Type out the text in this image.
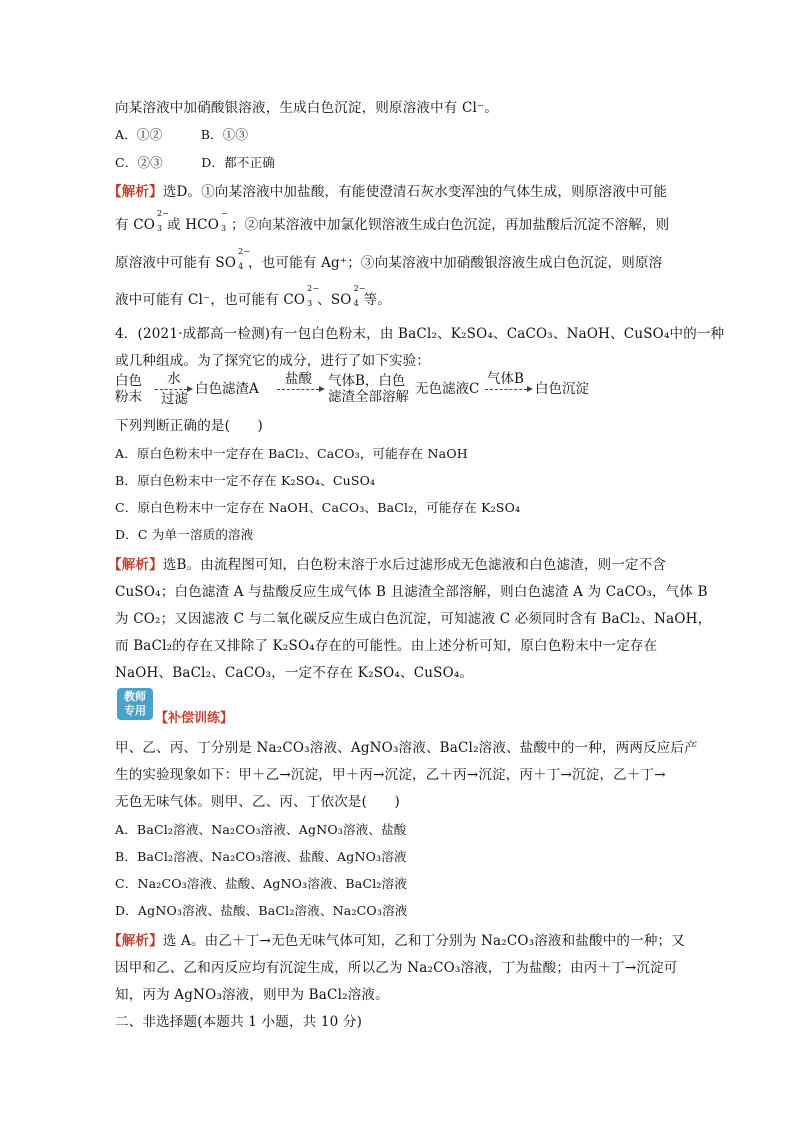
向某溶液中加硝酸银溶液，生成白色沉淀，则原溶液中有 Cl⁻。
A．①②	B．①③
C．②③	D．都不正确
【解析】选D。①向某溶液中加盐酸，有能使澄清石灰水变浑浊的气体生成，则原溶液中可能
有 CO
2−
3 或 HCO
−
3 ；②向某溶液中加氯化钡溶液生成白色沉淀，再加盐酸后沉淀不溶解，则
原溶液中可能有 SO
2−
4 ，也可能有 Ag⁺；③向某溶液中加硝酸银溶液生成白色沉淀，则原溶
液中可能有 Cl⁻，也可能有 CO
2−
3 、SO
2−
4 等。
4．(2021·成都高一检测)有一包白色粉末，由 BaCl₂、K₂SO₄、CaCO₃、NaOH、CuSO₄中的一种
或几种组成。为了探究它的成分，进行了如下实验：
白色
粉末
水
过滤
白色滤渣A
盐酸 气体B，白色
滤渣全部溶解 无色滤液C
气体B
白色沉淀
下列判断正确的是(　　)
A．原白色粉末中一定存在 BaCl₂、CaCO₃，可能存在 NaOH
B．原白色粉末中一定不存在 K₂SO₄、CuSO₄
C．原白色粉末中一定存在 NaOH、CaCO₃、BaCl₂，可能存在 K₂SO₄
D．C 为单一溶质的溶液
【解析】选B。由流程图可知，白色粉末溶于水后过滤形成无色滤液和白色滤渣，则一定不含
CuSO₄；白色滤渣 A 与盐酸反应生成气体 B 且滤渣全部溶解，则白色滤渣 A 为 CaCO₃，气体 B
为 CO₂；又因滤液 C 与二氧化碳反应生成白色沉淀，可知滤液 C 必须同时含有 BaCl₂、NaOH，
而 BaCl₂的存在又排除了 K₂SO₄存在的可能性。由上述分析可知，原白色粉末中一定存在
NaOH、BaCl₂、CaCO₃，一定不存在 K₂SO₄、CuSO₄。
教师
专用
【补偿训练】
甲、乙、丙、丁分别是 Na₂CO₃溶液、AgNO₃溶液、BaCl₂溶液、盐酸中的一种，两两反应后产
生的实验现象如下：甲＋乙→沉淀，甲＋丙→沉淀，乙＋丙→沉淀，丙＋丁→沉淀，乙＋丁→
无色无味气体。则甲、乙、丙、丁依次是(　　)
A．BaCl₂溶液、Na₂CO₃溶液、AgNO₃溶液、盐酸
B．BaCl₂溶液、Na₂CO₃溶液、盐酸、AgNO₃溶液
C．Na₂CO₃溶液、盐酸、AgNO₃溶液、BaCl₂溶液
D．AgNO₃溶液、盐酸、BaCl₂溶液、Na₂CO₃溶液
【解析】选 A。由乙＋丁→无色无味气体可知，乙和丁分别为 Na₂CO₃溶液和盐酸中的一种；又
因甲和乙、乙和丙反应均有沉淀生成，所以乙为 Na₂CO₃溶液，丁为盐酸；由丙＋丁→沉淀可
知，丙为 AgNO₃溶液，则甲为 BaCl₂溶液。
二、非选择题(本题共 1 小题，共 10 分)
